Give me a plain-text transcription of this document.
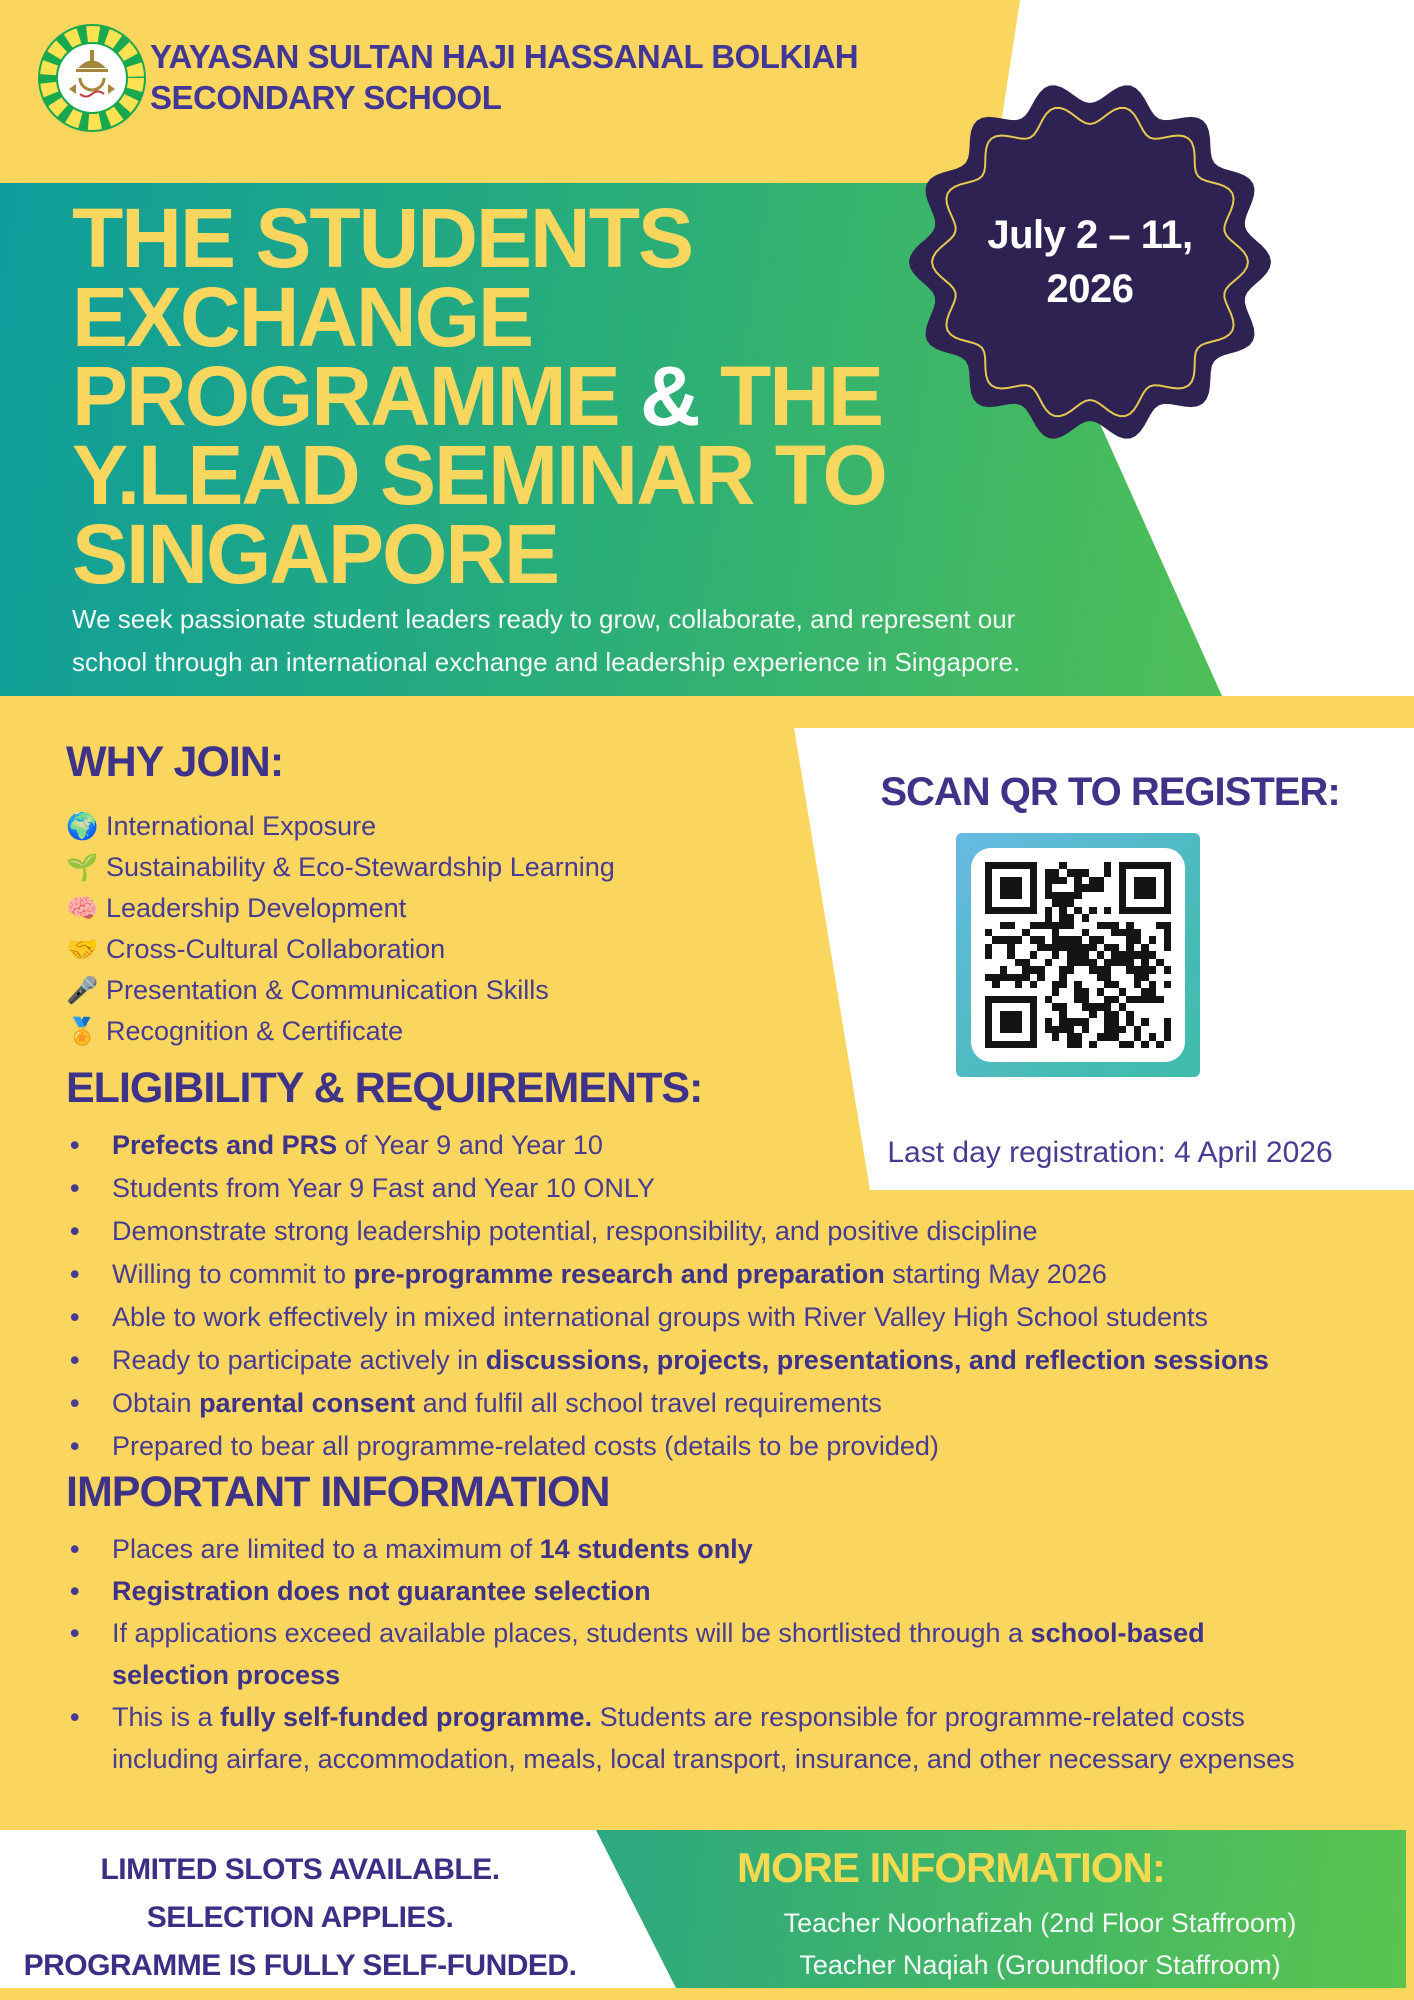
YAYASAN SULTAN HAJI HASSANAL BOLKIAH
SECONDARY SCHOOL
July 2 – 11,
2026
THE STUDENTS
EXCHANGE
PROGRAMME & THE
Y.LEAD SEMINAR TO
SINGAPORE
We seek passionate student leaders ready to grow, collaborate, and represent our school through an international exchange and leadership experience in Singapore.
WHY JOIN:
🌍 International Exposure
🌱 Sustainability & Eco-Stewardship Learning
🧠 Leadership Development
🤝 Cross-Cultural Collaboration
🎤 Presentation & Communication Skills
🏅 Recognition & Certificate
SCAN QR TO REGISTER:
Last day registration: 4 April 2026
ELIGIBILITY & REQUIREMENTS:
•	Prefects and PRS of Year 9 and Year 10
•	Students from Year 9 Fast and Year 10 ONLY
•	Demonstrate strong leadership potential, responsibility, and positive discipline
•	Willing to commit to pre-programme research and preparation starting May 2026
•	Able to work effectively in mixed international groups with River Valley High School students
•	Ready to participate actively in discussions, projects, presentations, and reflection sessions
•	Obtain parental consent and fulfil all school travel requirements
•	Prepared to bear all programme-related costs (details to be provided)
IMPORTANT INFORMATION
•	Places are limited to a maximum of 14 students only
•	Registration does not guarantee selection
•	If applications exceed available places, students will be shortlisted through a school-based selection process
•	This is a fully self-funded programme. Students are responsible for programme-related costs including airfare, accommodation, meals, local transport, insurance, and other necessary expenses
LIMITED SLOTS AVAILABLE.
SELECTION APPLIES.
PROGRAMME IS FULLY SELF-FUNDED.
MORE INFORMATION:
Teacher Noorhafizah (2nd Floor Staffroom)
Teacher Naqiah (Groundfloor Staffroom)
